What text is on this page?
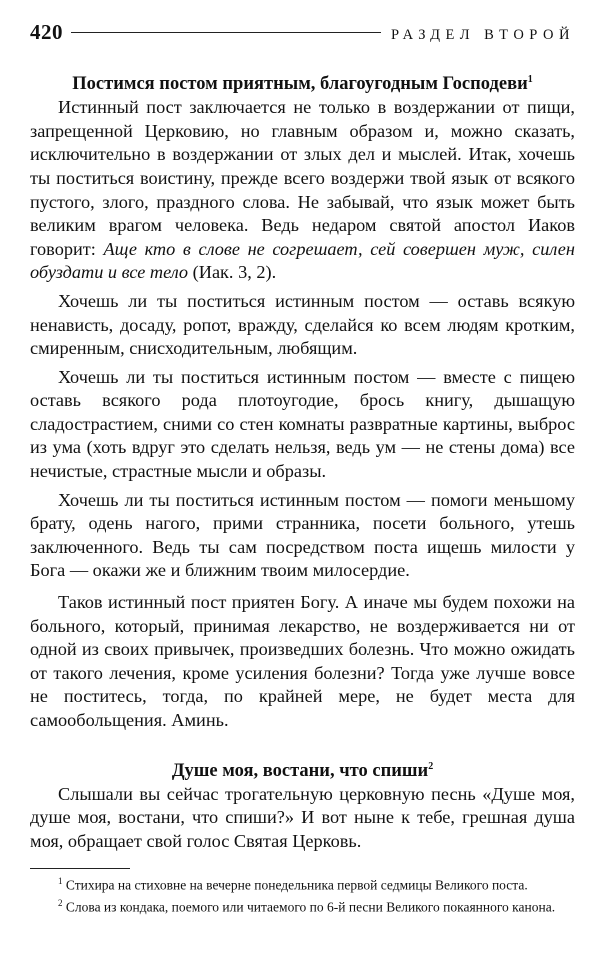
420	РАЗДЕЛ ВТОРОЙ
Постимся постом приятным, благоугодным Господеви$^1$

Истинный пост заключается не только в воздержании от пищи, запрещенной Церковию, но главным образом и, можно сказать, исключительно в воздержании от злых дел и мыслей. Итак, хочешь ты поститься воистину, прежде всего воздержи твой язык от всякого пустого, злого, праздного слова. Не забывай, что язык может быть великим врагом человека. Ведь недаром святой апостол Иаков говорит: Аще кто в слове не согрешает, сей совершен муж, силен обуздати и все тело (Иак. 3, 2).

Хочешь ли ты поститься истинным постом — оставь всякую ненависть, досаду, ропот, вражду, сделайся ко всем людям кротким, смиренным, снисходительным, любящим.

Хочешь ли ты поститься истинным постом — вместе с пищею оставь всякого рода плотоугодие, брось книгу, дышащую сладострастием, сними со стен комнаты развратные картины, выброс из ума (хоть вдруг это сделать нельзя, ведь ум — не стены дома) все нечистые, страстные мысли и образы.

Хочешь ли ты поститься истинным постом — помоги меньшому брату, одень нагого, прими странника, посети больного, утешь заключенного. Ведь ты сам посредством поста ищешь милости у Бога — окажи же и ближним твоим милосердие.

Таков истинный пост приятен Богу. А иначе мы будем похожи на больного, который, принимая лекарство, не воздерживается ни от одной из своих привычек, произведших болезнь. Что можно ожидать от такого лечения, кроме усиления болезни? Тогда уже лучше вовсе не поститесь, тогда, по крайней мере, не будет места для самообольщения. Аминь.

Душе моя, востани, что спиши$^2$

Слышали вы сейчас трогательную церковную песнь «Душе моя, душе моя, востани, что спиши?» И вот ныне к тебе, грешная душа моя, обращает свой голос Святая Церковь.

$^1$ Стихира на стиховне на вечерне понедельника первой седмицы Великого поста.

$^2$ Слова из кондака, поемого или читаемого по 6-й песни Великого покаянного канона.
